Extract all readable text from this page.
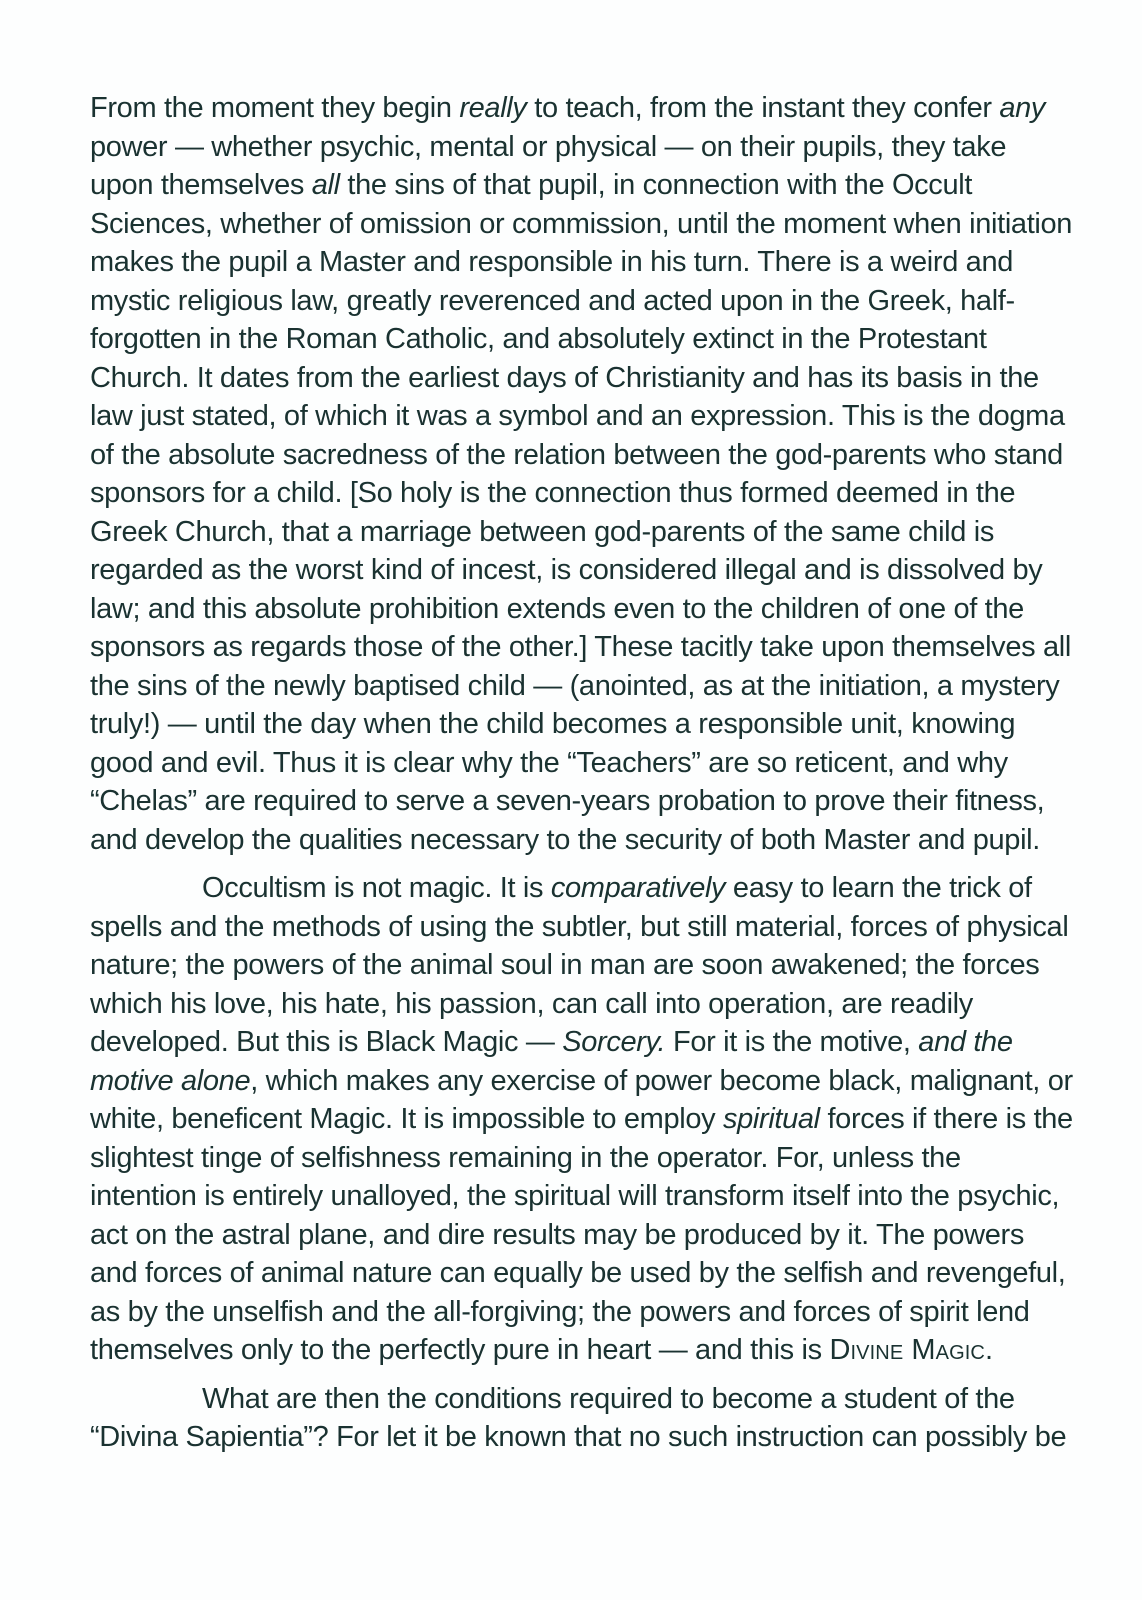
From the moment they begin really to teach, from the instant they confer any
power — whether psychic, mental or physical — on their pupils, they take
upon themselves all the sins of that pupil, in connection with the Occult
Sciences, whether of omission or commission, until the moment when initiation
makes the pupil a Master and responsible in his turn. There is a weird and
mystic religious law, greatly reverenced and acted upon in the Greek, half-
forgotten in the Roman Catholic, and absolutely extinct in the Protestant
Church. It dates from the earliest days of Christianity and has its basis in the
law just stated, of which it was a symbol and an expression. This is the dogma
of the absolute sacredness of the relation between the god-parents who stand
sponsors for a child. [So holy is the connection thus formed deemed in the
Greek Church, that a marriage between god-parents of the same child is
regarded as the worst kind of incest, is considered illegal and is dissolved by
law; and this absolute prohibition extends even to the children of one of the
sponsors as regards those of the other.] These tacitly take upon themselves all
the sins of the newly baptised child — (anointed, as at the initiation, a mystery
truly!) — until the day when the child becomes a responsible unit, knowing
good and evil. Thus it is clear why the “Teachers” are so reticent, and why
“Chelas” are required to serve a seven-years probation to prove their fitness,
and develop the qualities necessary to the security of both Master and pupil.

Occultism is not magic. It is comparatively easy to learn the trick of
spells and the methods of using the subtler, but still material, forces of physical
nature; the powers of the animal soul in man are soon awakened; the forces
which his love, his hate, his passion, can call into operation, are readily
developed. But this is Black Magic — Sorcery. For it is the motive, and the
motive alone, which makes any exercise of power become black, malignant, or
white, beneficent Magic. It is impossible to employ spiritual forces if there is the
slightest tinge of selfishness remaining in the operator. For, unless the
intention is entirely unalloyed, the spiritual will transform itself into the psychic,
act on the astral plane, and dire results may be produced by it. The powers
and forces of animal nature can equally be used by the selfish and revengeful,
as by the unselfish and the all-forgiving; the powers and forces of spirit lend
themselves only to the perfectly pure in heart — and this is Divine Magic.

What are then the conditions required to become a student of the
“Divina Sapientia”? For let it be known that no such instruction can possibly be
